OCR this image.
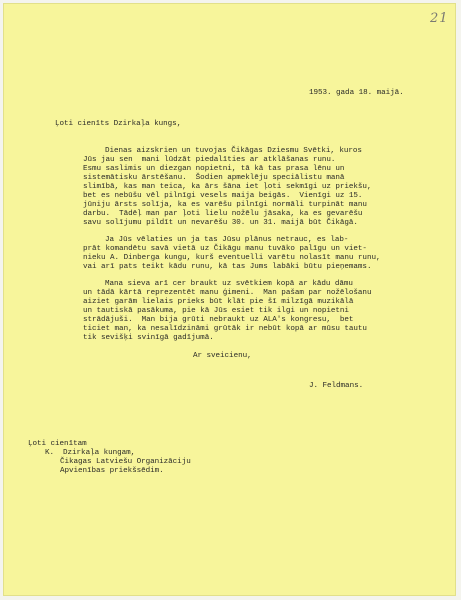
21
1953. gada 18. maijā.
Ļoti cienīts Dzirkaļa kungs,
Dienas aizskrien un tuvojas Čikāgas Dziesmu Svētki, kuros
Jūs jau sen  mani lūdzāt piedalīties ar atklāšanas runu.
Esmu saslimis un diezgan nopietni, tā kā tas prasa lēnu un
sistemātisku ārstēšanu.  Šodien apmeklēju speciālistu manā
slimībā, kas man teica, ka ārs šāna iet ļoti sekmīgi uz priekšu,
bet es nebūšu vēl pilnīgi vesels maija beigās.  Vienīgi uz 15.
jūniju ārsts solīja, ka es varēšu pilnīgi normāli turpināt manu
darbu.  Tādēļ man par ļoti lielu nožēlu jāsaka, ka es gevarēšu
savu solījumu pildīt un nevarēšu 30. un 31. maijā būt Čikāgā.
Ja Jūs vēlaties un ja tas Jūsu plānus netrauc, es lab-
prāt komandētu savā vietā uz Čikāgu manu tuvāko palīgu un viet-
nieku A. Dinberga kungu, kurš eventuelli varētu nolasīt manu runu,
vai arī pats teikt kādu runu, kā tas Jums labāki būtu pieņemams.
Mana sieva arī cer braukt uz svētkiem kopā ar kādu dāmu
un tādā kārtā reprezentēt manu ģimeni.  Man pašam par nožēlošanu
aiziet garām lielais prieks būt klāt pie šī milzīgā muzikālā
un tautiskā pasākuma, pie kā Jūs esiet tik ilgi un nopietni
strādājuši.  Man bija grūti nebraukt uz ALA's kongresu,  bet
ticiet man, ka nesalīdzināmi grūtāk ir nebūt kopā ar mūsu tautu
tik sevišķi svinīgā gadījumā.
Ar sveicienu,
J. Feldmans.
Ļoti cienītam
K.  Dzirkaļa kungam,
Čikagas Latviešu Organizāciju
Apvienības priekšsēdim.
